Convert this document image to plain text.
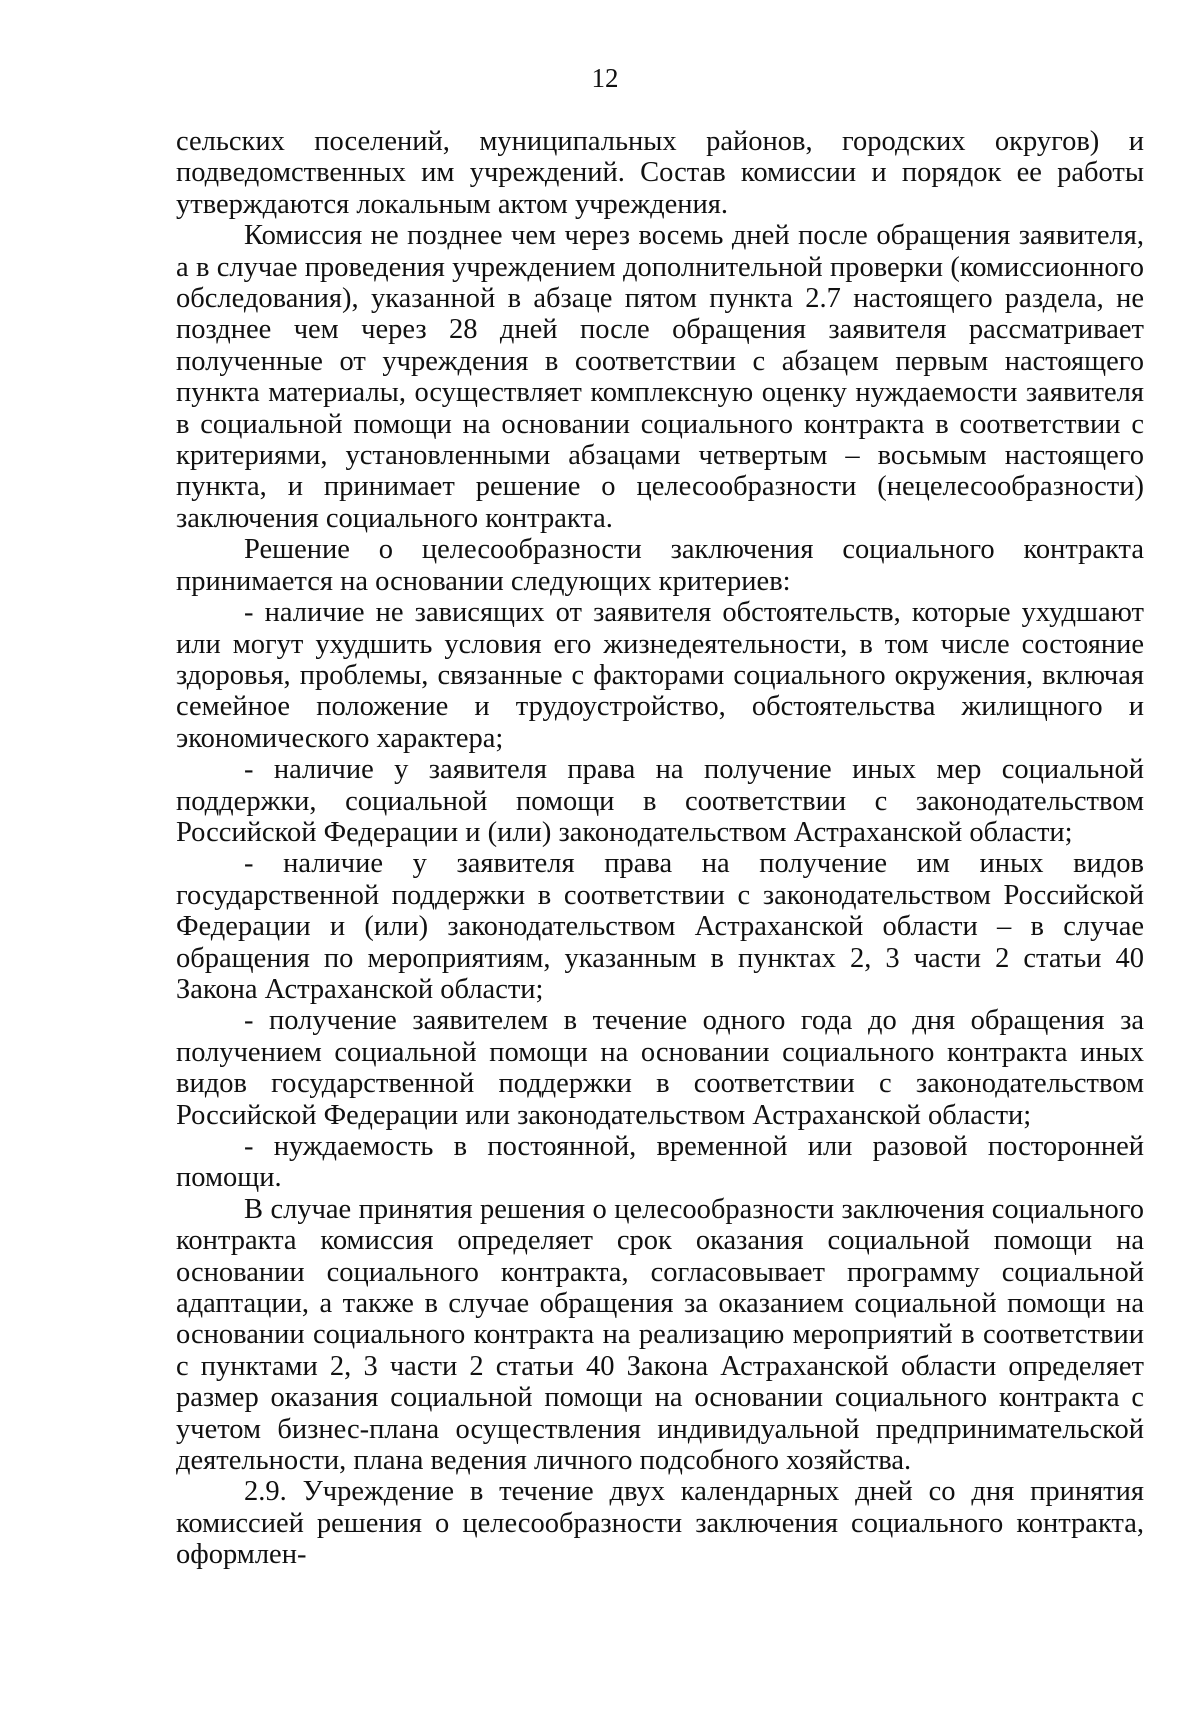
12

сельских поселений, муниципальных районов, городских округов) и подведомственных им учреждений. Состав комиссии и порядок ее работы утверждаются локальным актом учреждения.

Комиссия не позднее чем через восемь дней после обращения заявителя, а в случае проведения учреждением дополнительной проверки (комиссионного обследования), указанной в абзаце пятом пункта 2.7 настоящего раздела, не позднее чем через 28 дней после обращения заявителя рассматривает полученные от учреждения в соответствии с абзацем первым настоящего пункта материалы, осуществляет комплексную оценку нуждаемости заявителя в социальной помощи на основании социального контракта в соответствии с критериями, установленными абзацами четвертым – восьмым настоящего пункта, и принимает решение о целесообразности (нецелесообразности) заключения социального контракта.

Решение о целесообразности заключения социального контракта принимается на основании следующих критериев:

- наличие не зависящих от заявителя обстоятельств, которые ухудшают или могут ухудшить условия его жизнедеятельности, в том числе состояние здоровья, проблемы, связанные с факторами социального окружения, включая семейное положение и трудоустройство, обстоятельства жилищного и экономического характера;

- наличие у заявителя права на получение иных мер социальной поддержки, социальной помощи в соответствии с законодательством Российской Федерации и (или) законодательством Астраханской области;

- наличие у заявителя права на получение им иных видов государственной поддержки в соответствии с законодательством Российской Федерации и (или) законодательством Астраханской области – в случае обращения по мероприятиям, указанным в пунктах 2, 3 части 2 статьи 40 Закона Астраханской области;

- получение заявителем в течение одного года до дня обращения за получением социальной помощи на основании социального контракта иных видов государственной поддержки в соответствии с законодательством Российской Федерации или законодательством Астраханской области;

- нуждаемость в постоянной, временной или разовой посторонней помощи.

В случае принятия решения о целесообразности заключения социального контракта комиссия определяет срок оказания социальной помощи на основании социального контракта, согласовывает программу социальной адаптации, а также в случае обращения за оказанием социальной помощи на основании социального контракта на реализацию мероприятий в соответствии с пунктами 2, 3 части 2 статьи 40 Закона Астраханской области определяет размер оказания социальной помощи на основании социального контракта с учетом бизнес-плана осуществления индивидуальной предпринимательской деятельности, плана ведения личного подсобного хозяйства.

2.9. Учреждение в течение двух календарных дней со дня принятия комиссией решения о целесообразности заключения социального контракта, оформлен-
